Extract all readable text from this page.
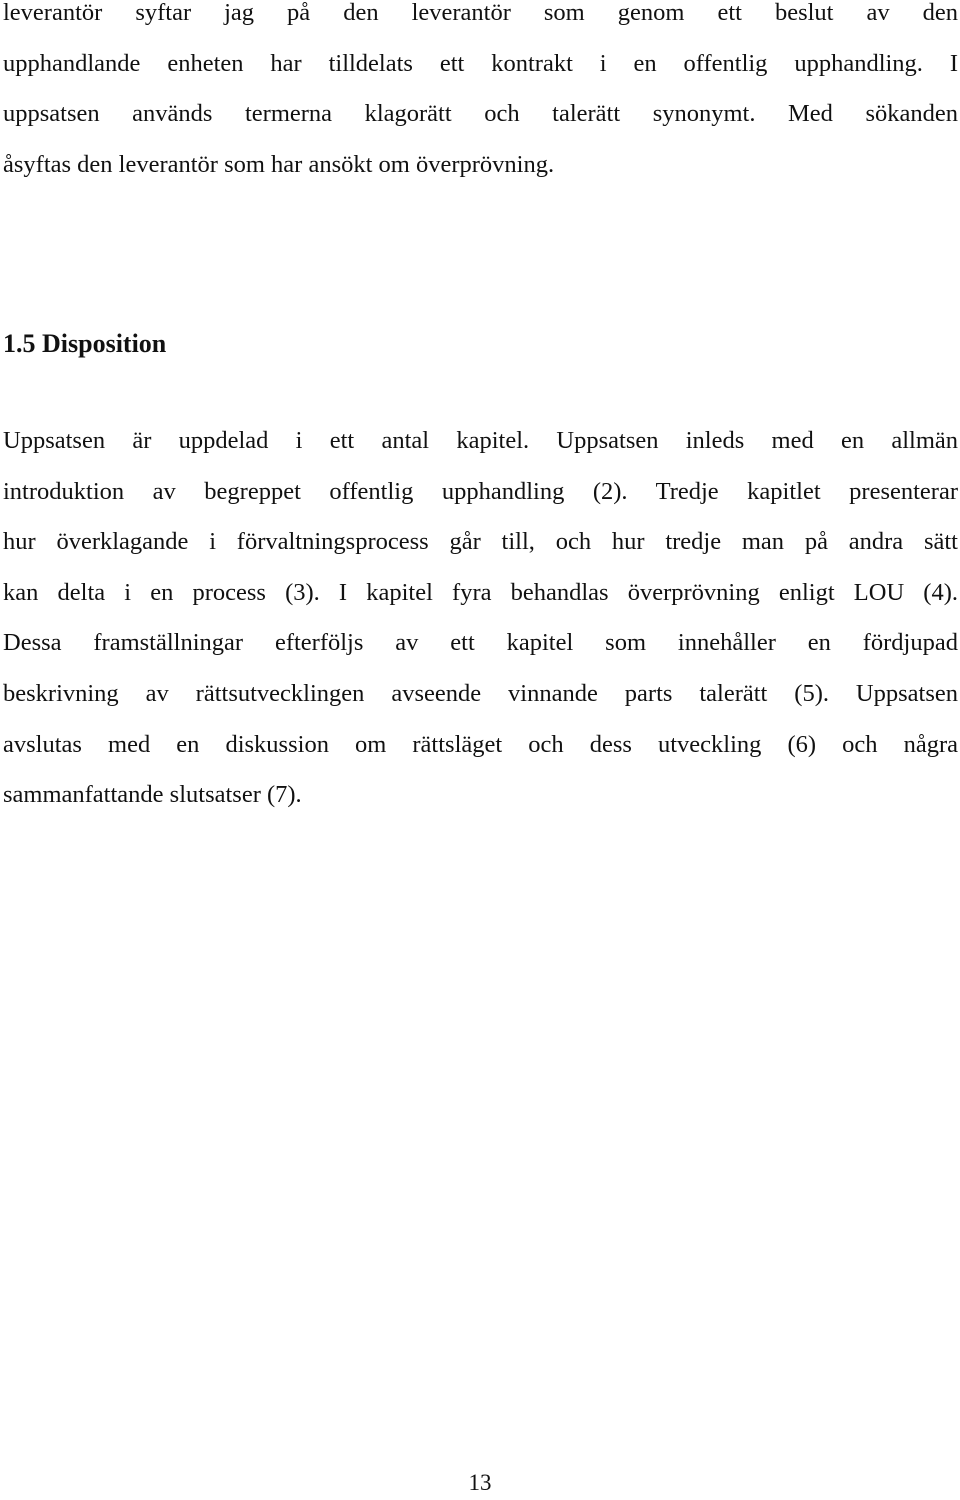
leverantör syftar jag på den leverantör som genom ett beslut av den
upphandlande enheten har tilldelats ett kontrakt i en offentlig upphandling. I
uppsatsen används termerna klagorätt och talerätt synonymt. Med sökanden
åsyftas den leverantör som har ansökt om överprövning.

1.5 Disposition

Uppsatsen är uppdelad i ett antal kapitel. Uppsatsen inleds med en allmän
introduktion av begreppet offentlig upphandling (2). Tredje kapitlet presenterar
hur överklagande i förvaltningsprocess går till, och hur tredje man på andra sätt
kan delta i en process (3). I kapitel fyra behandlas överprövning enligt LOU (4).
Dessa framställningar efterföljs av ett kapitel som innehåller en fördjupad
beskrivning av rättsutvecklingen avseende vinnande parts talerätt (5). Uppsatsen
avslutas med en diskussion om rättsläget och dess utveckling (6) och några
sammanfattande slutsatser (7).

13
